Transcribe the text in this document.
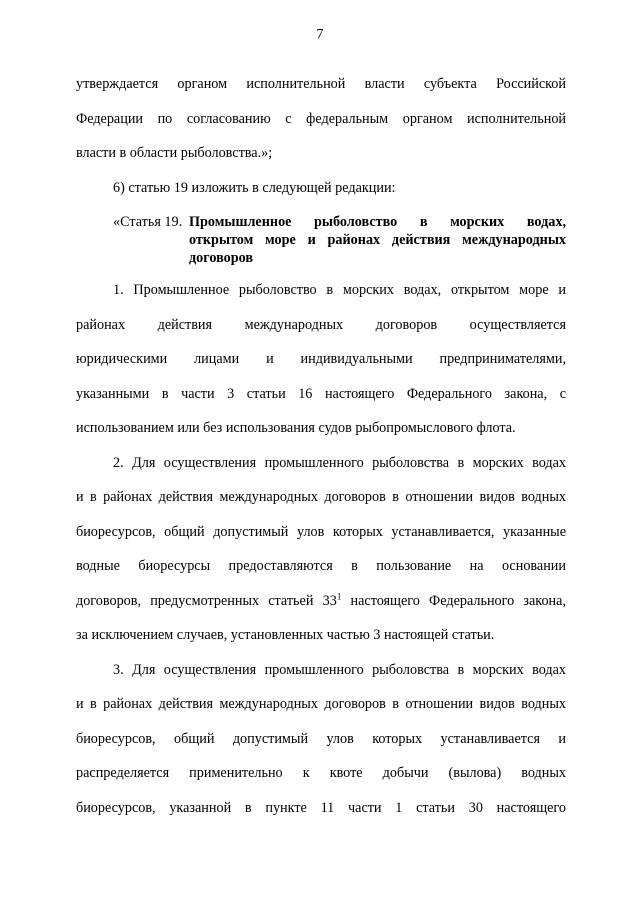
7
утверждается органом исполнительной власти субъекта Российской
Федерации по согласованию с федеральным органом исполнительной
власти в области рыболовства.»;
6) статью 19 изложить в следующей редакции:
«Статья 19. Промышленное рыболовство в морских водах,
открытом море и районах действия международных
договоров
1. Промышленное рыболовство в морских водах, открытом море и
районах действия международных договоров осуществляется
юридическими лицами и индивидуальными предпринимателями,
указанными в части 3 статьи 16 настоящего Федерального закона, с
использованием или без использования судов рыбопромыслового флота.
2. Для осуществления промышленного рыболовства в морских водах
и в районах действия международных договоров в отношении видов водных
биоресурсов, общий допустимый улов которых устанавливается, указанные
водные биоресурсы предоставляются в пользование на основании
договоров, предусмотренных статьей $33^1$ настоящего Федерального закона,
за исключением случаев, установленных частью 3 настоящей статьи.
3. Для осуществления промышленного рыболовства в морских водах
и в районах действия международных договоров в отношении видов водных
биоресурсов, общий допустимый улов которых устанавливается и
распределяется применительно к квоте добычи (вылова) водных
биоресурсов, указанной в пункте 11 части 1 статьи 30 настоящего
